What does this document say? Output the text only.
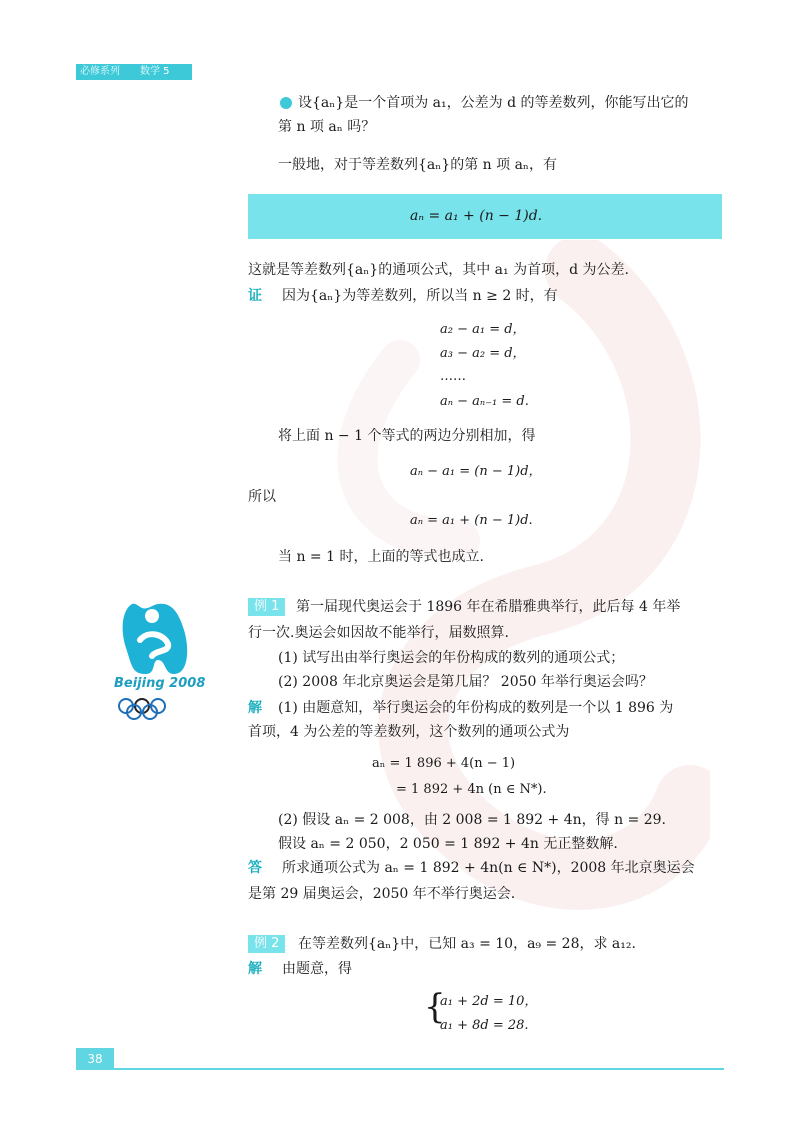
必修系列 数学 5
设{aₙ}是一个首项为 a₁，公差为 d 的等差数列，你能写出它的
第 n 项 aₙ 吗？
一般地，对于等差数列{aₙ}的第 n 项 aₙ，有
aₙ = a₁ + (n − 1)d.
这就是等差数列{aₙ}的通项公式，其中 a₁ 为首项，d 为公差.
证 因为{aₙ}为等差数列，所以当 n ≥ 2 时，有
a₂ − a₁ = d，
a₃ − a₂ = d，
……
aₙ − aₙ₋₁ = d.
将上面 n − 1 个等式的两边分别相加，得
aₙ − a₁ = (n − 1)d，
所以
aₙ = a₁ + (n − 1)d.
当 n = 1 时，上面的等式也成立.
Beijing 2008
例 1	第一届现代奥运会于 1896 年在希腊雅典举行，此后每 4 年举
行一次.奥运会如因故不能举行，届数照算.
(1) 试写出由举行奥运会的年份构成的数列的通项公式；
(2) 2008 年北京奥运会是第几届？ 2050 年举行奥运会吗？
解 (1) 由题意知，举行奥运会的年份构成的数列是一个以 1 896 为
首项，4 为公差的等差数列，这个数列的通项公式为
aₙ = 1 896 + 4(n − 1)
= 1 892 + 4n (n ∈ N*).
(2) 假设 aₙ = 2 008，由 2 008 = 1 892 + 4n，得 n = 29.
假设 aₙ = 2 050，2 050 = 1 892 + 4n 无正整数解.
答 所求通项公式为 aₙ = 1 892 + 4n(n ∈ N*)，2008 年北京奥运会
是第 29 届奥运会，2050 年不举行奥运会.
例 2	在等差数列{aₙ}中，已知 a₃ = 10，a₉ = 28，求 a₁₂.
解 由题意，得
{
a₁ + 2d = 10，
a₁ + 8d = 28.
38
